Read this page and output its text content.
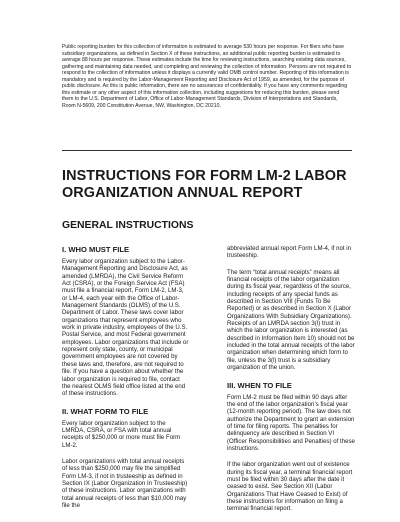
Public reporting burden for this collection of information is estimated to average 530 hours per response. For filers who have subsidiary organizations, as defined in Section X of these instructions, an additional public reporting burden is estimated to average 88 hours per response. These estimates include the time for reviewing instructions, searching existing data sources, gathering and maintaining data needed, and completing and reviewing the collection of information. Persons are not required to respond to the collection of information unless it displays a currently valid OMB control number. Reporting of this information is mandatory and is required by the Labor-Management Reporting and Disclosure Act of 1959, as amended, for the purpose of public disclosure. As this is public information, there are no assurances of confidentiality. If you have any comments regarding this estimate or any other aspect of this information collection, including suggestions for reducing this burden, please send them to the U.S. Department of Labor, Office of Labor-Management Standards, Division of Interpretations and Standards, Room N-5609, 200 Constitution Avenue, NW, Washington, DC 20210.
INSTRUCTIONS FOR FORM LM-2 LABOR ORGANIZATION ANNUAL REPORT
GENERAL INSTRUCTIONS
I. WHO MUST FILE

Every labor organization subject to the Labor-Management Reporting and Disclosure Act, as amended (LMRDA), the Civil Service Reform Act (CSRA), or the Foreign Service Act (FSA) must file a financial report, Form LM-2, LM-3, or LM-4, each year with the Office of Labor-Management Standards (OLMS) of the U.S. Department of Labor. These laws cover labor organizations that represent employees who work in private industry, employees of the U.S. Postal Service, and most Federal government employees. Labor organizations that include or represent only state, county, or municipal government employees are not covered by these laws and, therefore, are not required to file. If you have a question about whether the labor organization is required to file, contact the nearest OLMS field office listed at the end of these instructions.

II. WHAT FORM TO FILE

Every labor organization subject to the LMRDA, CSRA, or FSA with total annual receipts of $250,000 or more must file Form LM-2.

Labor organizations with total annual receipts of less than $250,000 may file the simplified Form LM-3, if not in trusteeship as defined in Section IX (Labor Organization In Trusteeship) of these instructions. Labor organizations with total annual receipts of less than $10,000 may file the

abbreviated annual report Form LM-4, if not in trusteeship.

The term “total annual receipts” means all financial receipts of the labor organization during its fiscal year, regardless of the source, including receipts of any special funds as described in Section VIII (Funds To Be Reported) or as described in Section X (Labor Organizations With Subsidiary Organizations). Receipts of an LMRDA section 3(l) trust in which the labor organization is interested (as described in Information Item 10) should not be included in the total annual receipts of the labor organization when determining which form to file, unless the 3(l) trust is a subsidiary organization of the union.

III. WHEN TO FILE

Form LM-2 must be filed within 90 days after the end of the labor organization’s fiscal year (12-month reporting period). The law does not authorize the Department to grant an extension of time for filing reports. The penalties for delinquency are described in Section VI (Officer Responsibilities and Penalties) of these instructions.

If the labor organization went out of existence during its fiscal year, a terminal financial report must be filed within 30 days after the date it ceased to exist. See Section XII (Labor Organizations That Have Ceased to Exist) of these instructions for information on filing a terminal financial report.
